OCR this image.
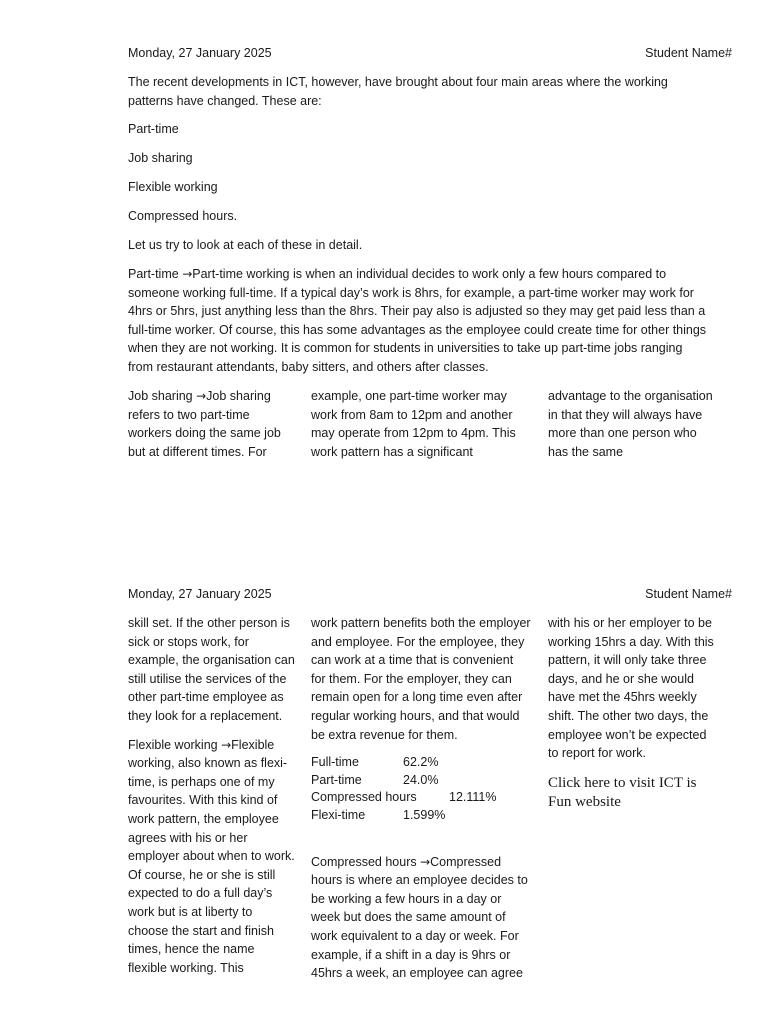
Monday, 27 January 2025	Student Name#

The recent developments in ICT, however, have brought about four main areas where the working patterns have changed. These are:

Part-time

Job sharing

Flexible working

Compressed hours.

Let us try to look at each of these in detail.

Part-time →Part-time working is when an individual decides to work only a few hours compared to someone working full-time. If a typical day’s work is 8hrs, for example, a part-time worker may work for 4hrs or 5hrs, just anything less than the 8hrs. Their pay also is adjusted so they may get paid less than a full-time worker. Of course, this has some advantages as the employee could create time for other things when they are not working. It is common for students in universities to take up part-time jobs ranging from restaurant attendants, baby sitters, and others after classes.

Job sharing →Job sharing refers to two part-time workers doing the same job but at different times. For

example, one part-time worker may work from 8am to 12pm and another may operate from 12pm to 4pm. This work pattern has a significant

advantage to the organisation in that they will always have more than one person who has the same

Monday, 27 January 2025	Student Name#

skill set. If the other person is sick or stops work, for example, the organisation can still utilise the services of the other part-time employee as they look for a replacement.

Flexible working →Flexible working, also known as flexi-time, is perhaps one of my favourites. With this kind of work pattern, the employee agrees with his or her employer about when to work. Of course, he or she is still expected to do a full day’s work but is at liberty to choose the start and finish times, hence the name flexible working. This

work pattern benefits both the employer and employee. For the employee, they can work at a time that is convenient for them. For the employer, they can remain open for a long time even after regular working hours, and that would be extra revenue for them.

Full-time	62.2%
Part-time	24.0%
Compressed hours	12.111%
Flexi-time	1.599%

Compressed hours →Compressed hours is where an employee decides to be working a few hours in a day or week but does the same amount of work equivalent to a day or week. For example, if a shift in a day is 9hrs or 45hrs a week, an employee can agree

with his or her employer to be working 15hrs a day. With this pattern, it will only take three days, and he or she would have met the 45hrs weekly shift. The other two days, the employee won’t be expected to report for work.

Click here to visit ICT is Fun website
